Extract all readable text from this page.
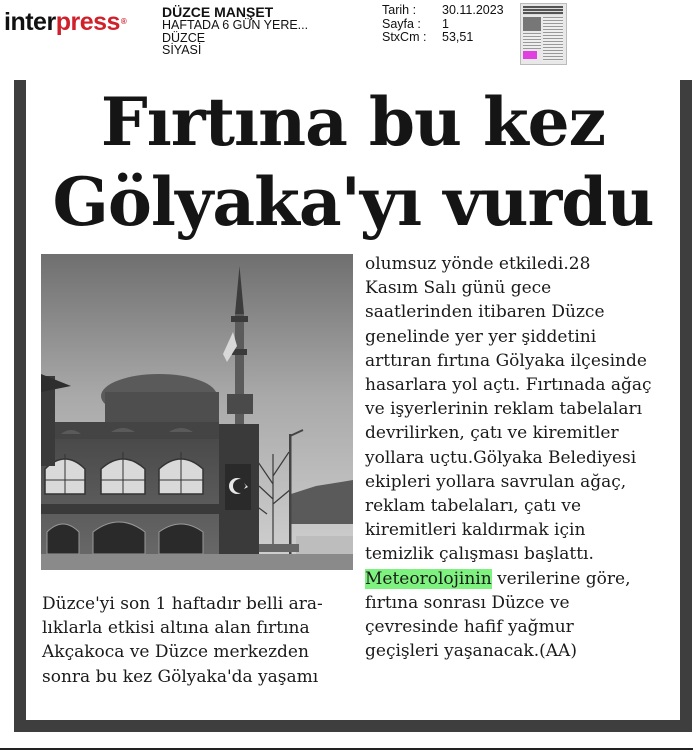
interpress®
DÜZCE MANŞET
HAFTADA 6 GÜN YERE...
DÜZCE
SİYASİ
Tarih :	30.11.2023
Sayfa :	1
StxCm :	53,51
Fırtına bu kez
Gölyaka'yı vurdu
Düzce'yi son 1 haftadır belli ara-
lıklarla etkisi altına alan fırtına
Akçakoca ve Düzce merkezden
sonra bu kez Gölyaka'da yaşamı
olumsuz yönde etkiledi.28
Kasım Salı günü gece
saatlerinden itibaren Düzce
genelinde yer yer şiddetini
arttıran fırtına Gölyaka ilçesinde
hasarlara yol açtı. Fırtınada ağaç
ve işyerlerinin reklam tabelaları
devrilirken, çatı ve kiremitler
yollara uçtu.Gölyaka Belediyesi
ekipleri yollara savrulan ağaç,
reklam tabelaları, çatı ve
kiremitleri kaldırmak için
temizlik çalışması başlattı.
Meteorolojinin verilerine göre,
fırtına sonrası Düzce ve
çevresinde hafif yağmur
geçişleri yaşanacak.(AA)
